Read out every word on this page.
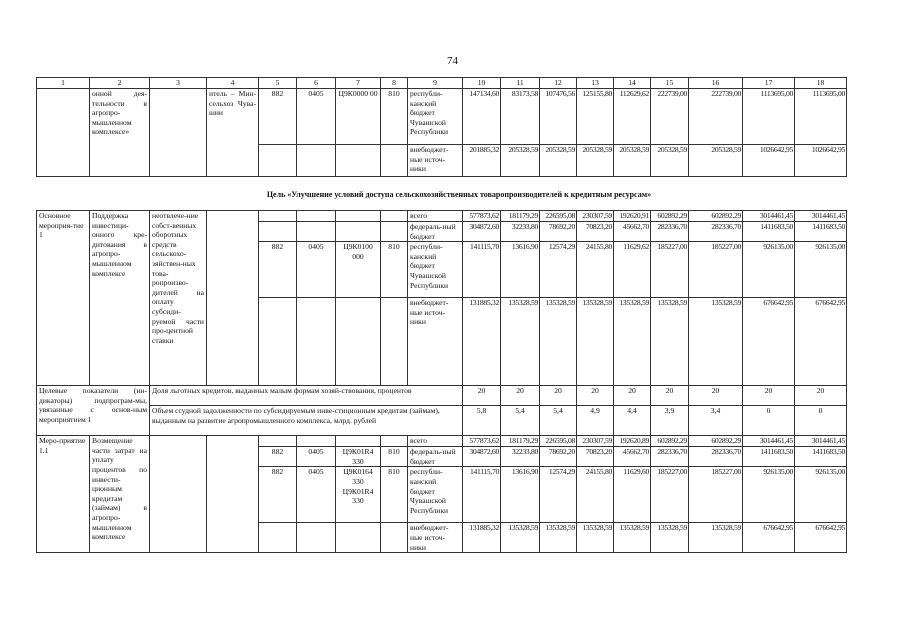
74
Цель «Улучшение условий доступа сельскохозяйственных товаропроизводителей к кредитным ресурсам»
1	2	3	4	5	6	7	8	9	10	11	12	13	14	15	16	17	18
	онной дея-тельности в агропро-мышленном комплексе»		итель – Мин-сельхоз Чува-шии	882	0405	Ц9К0000 00	810	республи-канский бюджет Чувашской Республики	147134,60	83173,58	107476,56	125155,80	112629,62	222739,00	222739,00	1113695,00	1113695,00
								внебюджет-ные источ-ники	201885,32	205328,59	205328,59	205328,59	205328,59	205328,59	205328,59	1026642,95	1026642,95

Основное мероприя-тие 1	Поддержка инвестици-онного кре-дитования в агропро-мышленном комплексе	неотвлече-ние собст-венных оборотных средств сельскохо-зяйствен-ных това-ропроизво-дителей на оплату субсиди-руемой части про-центной ставки						всего	577873,62	181179,29	226595,08	230307,59	192620,91	602892,29	602892,29	3014461,45	3014461,45
								федераль-ный бюджет	304872,60	32233,80	78692,20	70823,20	45662,70	282336,70	282336,70	1411683,50	1411683,50
				882	0405	Ц9К0100 000	810	республи-канский бюджет Чувашской Республики	141115,70	13616,90	12574,29	24155,80	11629,62	185227,00	185227,00	926135,00	926135,00
								внебюджет-ные источ-ники	131885,32	135328,59	135328,59	135328,59	135328,59	135328,59	135328,59	676642,95	676642,95
Целевые показатели (ин-дикаторы) подпрограм-мы, увязанные с основ-ным мероприятием 1		Доля льготных кредитов, выданных малым формам хозяй-ствования, процентов							20	20	20	20	20	20	20	20	20
		Объем ссудной задолженности по субсидируемым инве-стиционным кредитам (займам), выданным на развитие агропромышленного комплекса, млрд. рублей							5,8	5,4	5,4	4,9	4,4	3,9	3,4	0	0
Меро-приятие 1.1	Возмещение части затрат на уплату процентов по инвести-ционным кредитам (займам) в агропро-мышленном комплексе							всего	577873,62	181179,29	226595,08	230307,59	192620,89	602892,29	602892,29	3014461,45	3014461,45
				882	0405	Ц9К01R4 330	810	федераль-ный бюджет	304872,60	32233,80	78692,20	70823,20	45662,70	282336,70	282336,70	1411683,50	1411683,50
				882	0405	Ц9К0164 330 Ц9К01R4 330	810	республи-канский бюджет Чувашской Республики	141115,70	13616,90	12574,29	24155,80	11629,60	185227,00	185227,00	926135,00	926135,00
								внебюджет-ные источ-ники	131885,32	135328,59	135328,59	135328,59	135328,59	135328,59	135328,59	676642,95	676642,95
